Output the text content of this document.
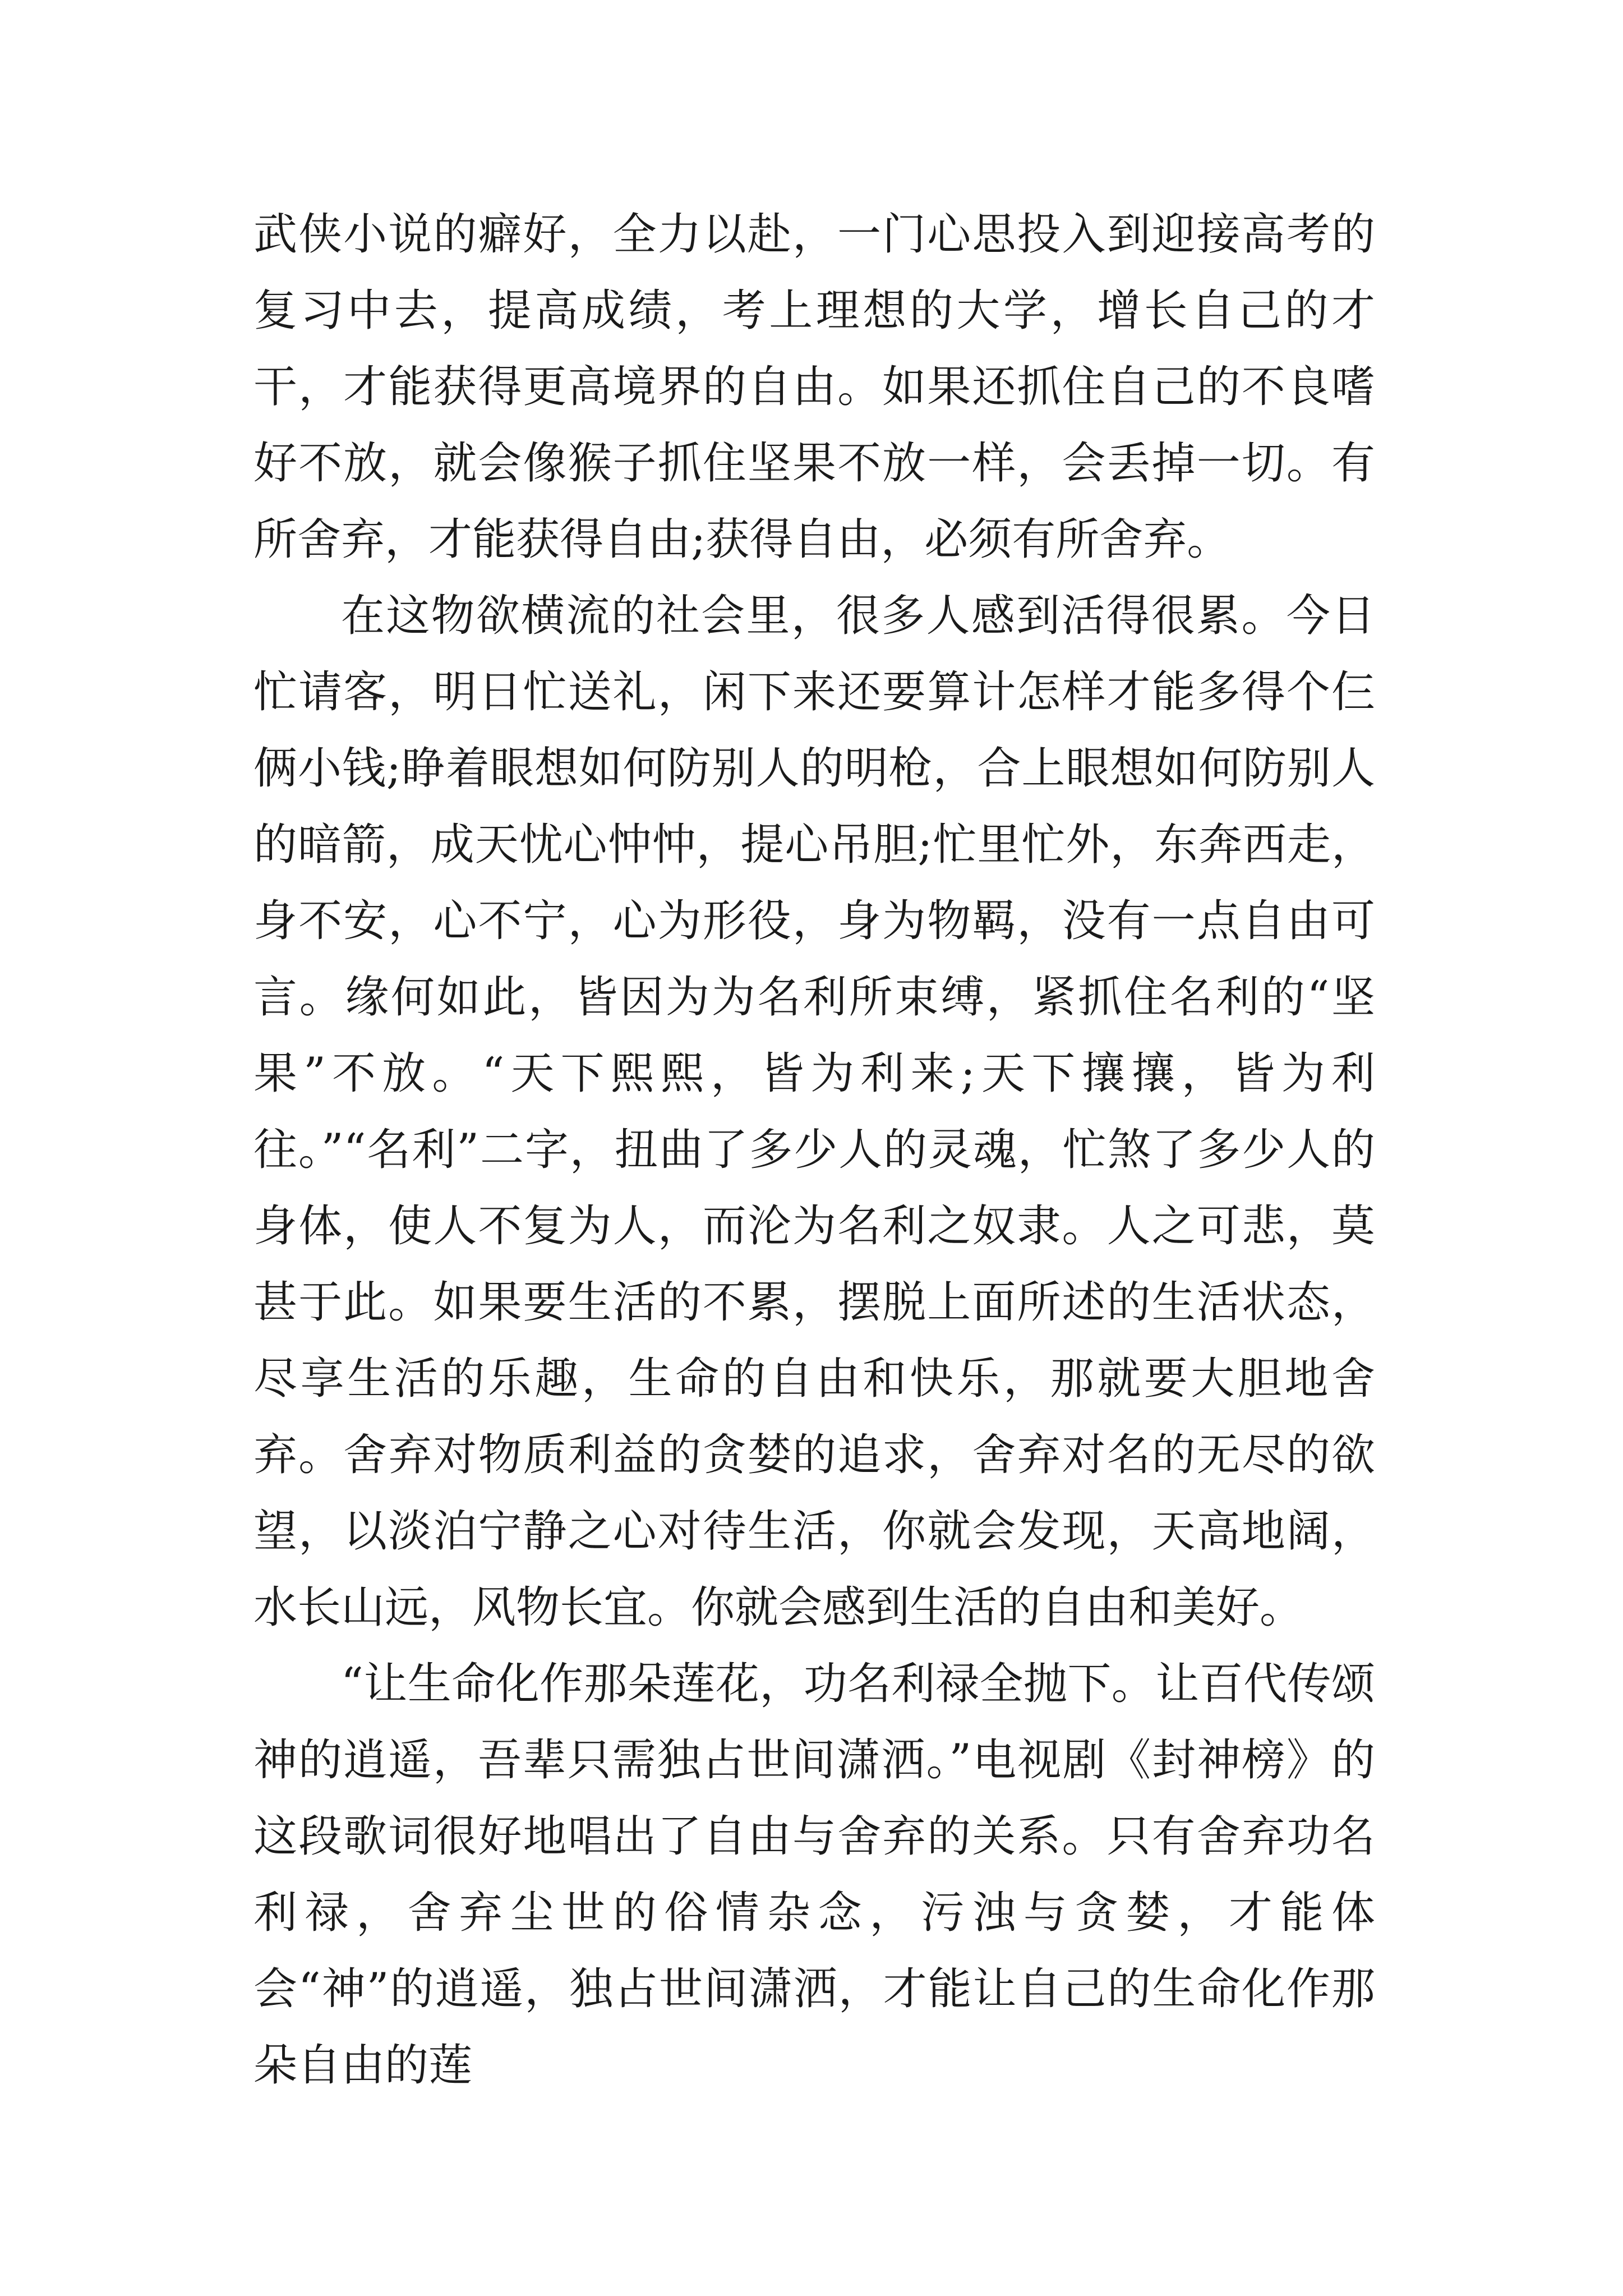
武侠小说的癖好，全力以赴，一门心思投入到迎接高考的复习中去，提高成绩，考上理想的大学，增长自己的才干，才能获得更高境界的自由。如果还抓住自己的不良嗜好不放，就会像猴子抓住坚果不放一样，会丢掉一切。有所舍弃，才能获得自由;获得自由，必须有所舍弃。

在这物欲横流的社会里，很多人感到活得很累。今日忙请客，明日忙送礼，闲下来还要算计怎样才能多得个仨俩小钱;睁着眼想如何防别人的明枪，合上眼想如何防别人的暗箭，成天忧心忡忡，提心吊胆;忙里忙外，东奔西走，身不安，心不宁，心为形役，身为物羁，没有一点自由可言。缘何如此，皆因为为名利所束缚，紧抓住名利的“坚果”不放。“天下熙熙，皆为利来;天下攘攘，皆为利往。”“名利”二字，扭曲了多少人的灵魂，忙煞了多少人的身体，使人不复为人，而沦为名利之奴隶。人之可悲，莫甚于此。如果要生活的不累，摆脱上面所述的生活状态，尽享生活的乐趣，生命的自由和快乐，那就要大胆地舍弃。舍弃对物质利益的贪婪的追求，舍弃对名的无尽的欲望，以淡泊宁静之心对待生活，你就会发现，天高地阔，水长山远，风物长宜。你就会感到生活的自由和美好。

“让生命化作那朵莲花，功名利禄全抛下。让百代传颂神的逍遥，吾辈只需独占世间潇洒。”电视剧《封神榜》的这段歌词很好地唱出了自由与舍弃的关系。只有舍弃功名利禄，舍弃尘世的俗情杂念，污浊与贪婪，才能体会“神”的逍遥，独占世间潇洒，才能让自己的生命化作那朵自由的莲
